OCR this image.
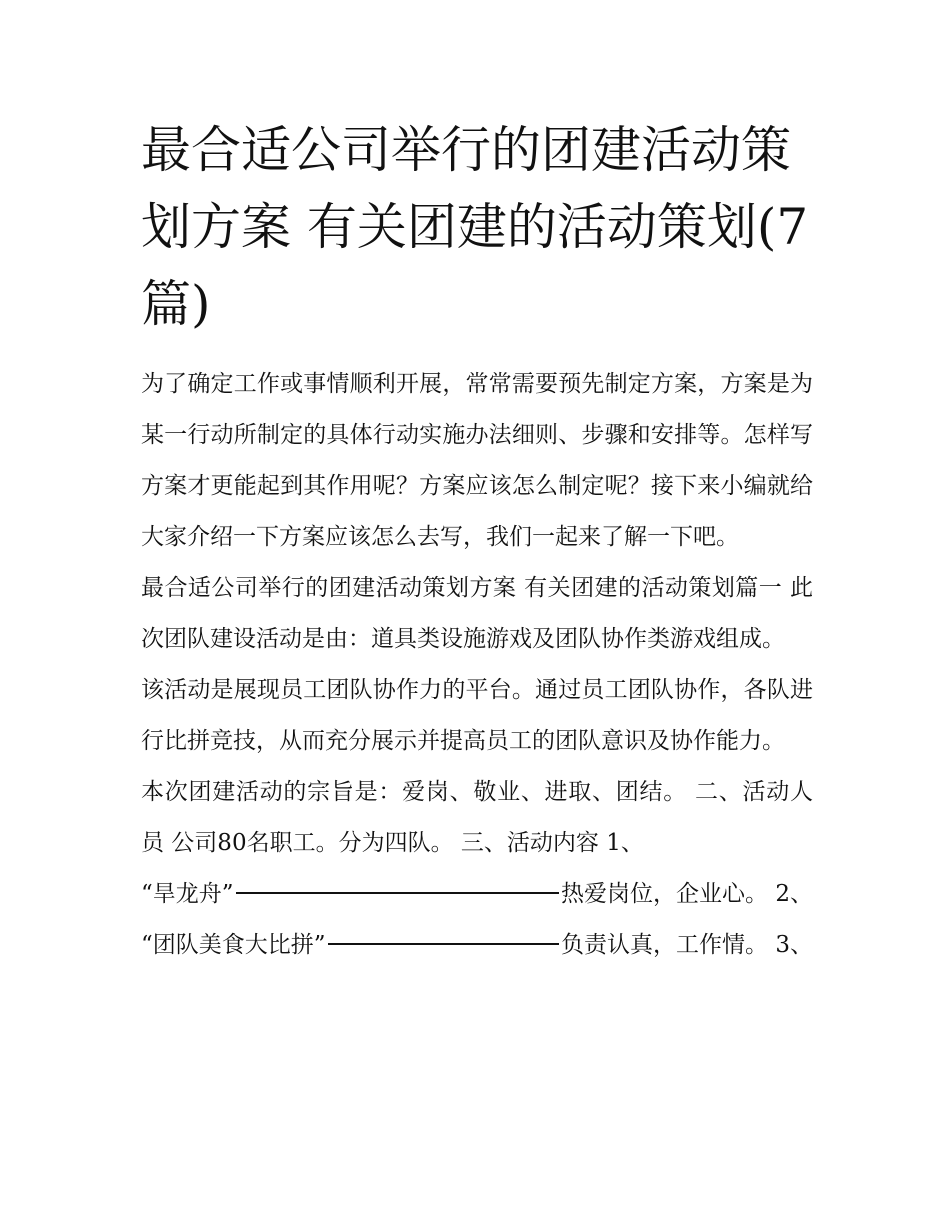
最合适公司举行的团建活动策划方案 有关团建的活动策划(7篇)

为了确定工作或事情顺利开展，常常需要预先制定方案，方案是为某一行动所制定的具体行动实施办法细则、步骤和安排等。怎样写方案才更能起到其作用呢？方案应该怎么制定呢？接下来小编就给大家介绍一下方案应该怎么去写，我们一起来了解一下吧。

最合适公司举行的团建活动策划方案 有关团建的活动策划篇一 此次团队建设活动是由：道具类设施游戏及团队协作类游戏组成。

该活动是展现员工团队协作力的平台。通过员工团队协作，各队进行比拼竞技，从而充分展示并提高员工的团队意识及协作能力。

本次团建活动的宗旨是：爱岗、敬业、进取、团结。 二、活动人员 公司80名职工。分为四队。 三、活动内容 1、

“旱龙舟”	热爱岗位，企业心。 2、
“团队美食大比拼”	负责认真，工作情。 3、
